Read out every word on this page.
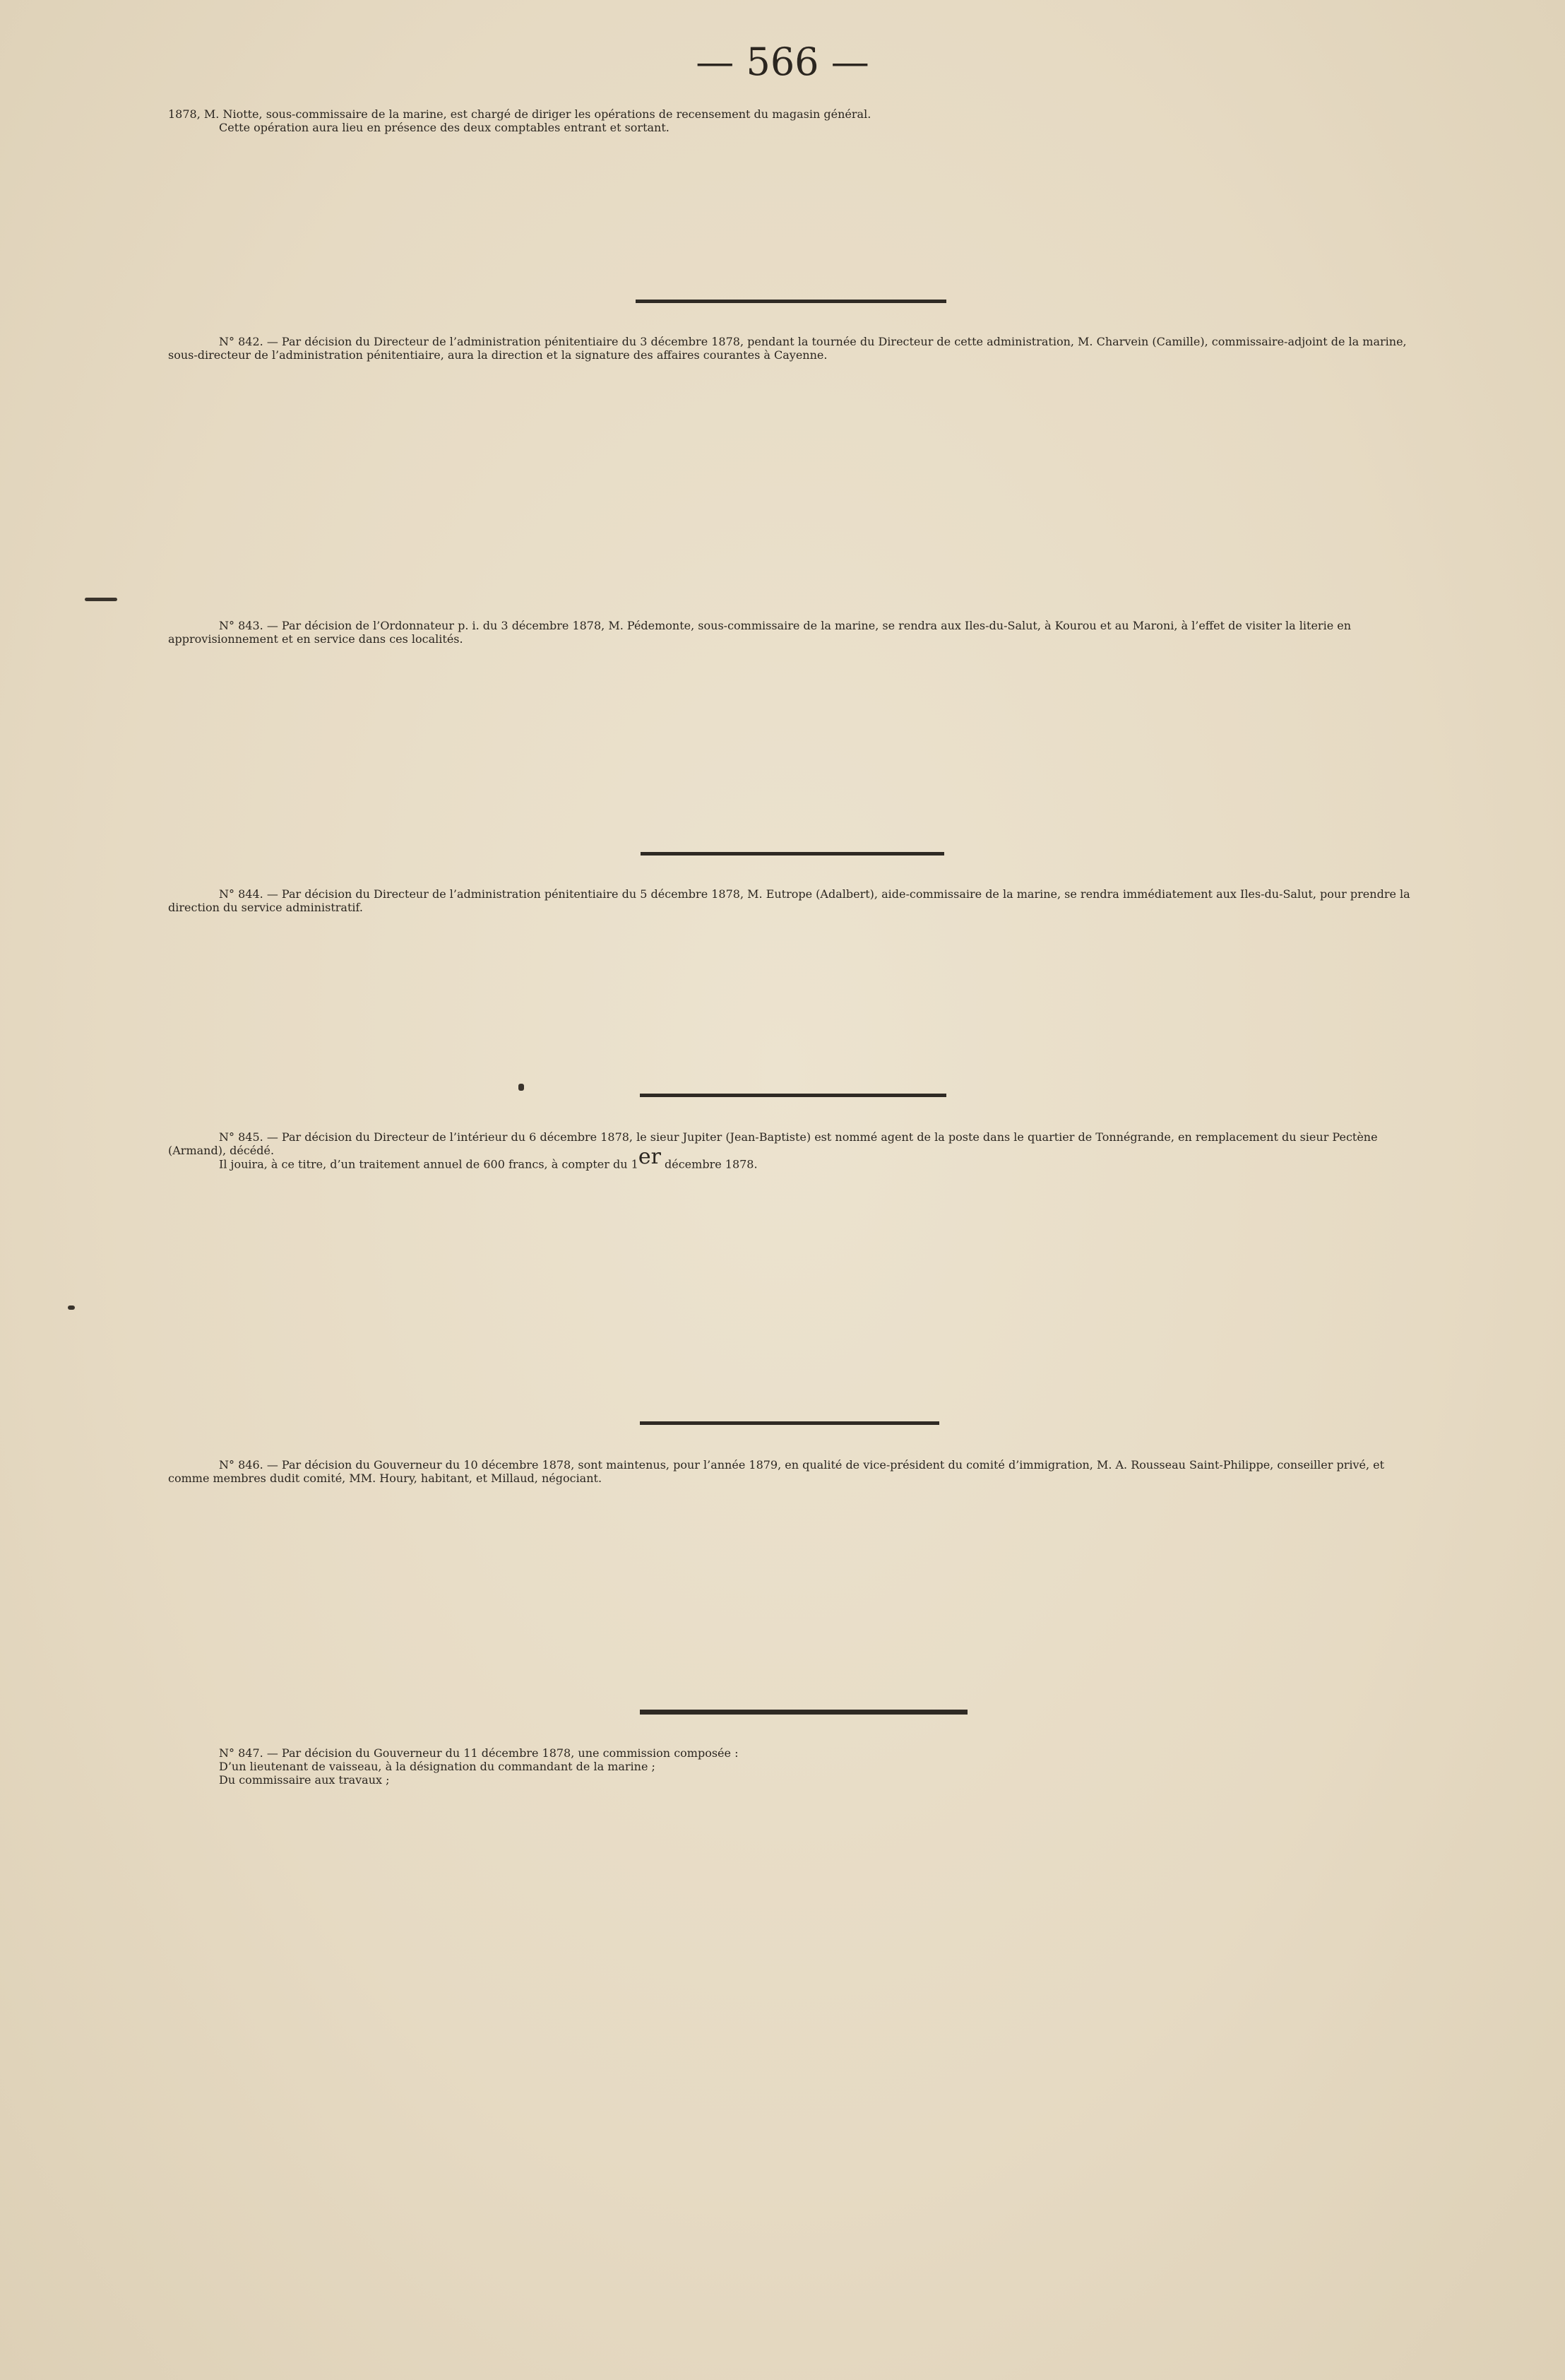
— 566 —

1878, M. Niotte, sous-commissaire de la marine, est chargé de diriger les opérations de recensement du magasin général.

Cette opération aura lieu en présence des deux comptables entrant et sortant.

N° 842. — Par décision du Directeur de l’administration pénitentiaire du 3 décembre 1878, pendant la tournée du Directeur de cette administration, M. Charvein (Camille), commissaire-adjoint de la marine, sous-directeur de l’administration pénitentiaire, aura la direction et la signature des affaires courantes à Cayenne.

N° 843. — Par décision de l’Ordonnateur p. i. du 3 décembre 1878, M. Pédemonte, sous-commissaire de la marine, se rendra aux Iles-du-Salut, à Kourou et au Maroni, à l’effet de visiter la literie en approvisionnement et en service dans ces localités.

N° 844. — Par décision du Directeur de l’administration pénitentiaire du 5 décembre 1878, M. Eutrope (Adalbert), aide-commissaire de la marine, se rendra immédiatement aux Iles-du-Salut, pour prendre la direction du service administratif.

N° 845. — Par décision du Directeur de l’intérieur du 6 décembre 1878, le sieur Jupiter (Jean-Baptiste) est nommé agent de la poste dans le quartier de Tonnégrande, en remplacement du sieur Pectène (Armand), décédé.

Il jouira, à ce titre, d’un traitement annuel de 600 francs, à compter du 1er décembre 1878.

N° 846. — Par décision du Gouverneur du 10 décembre 1878, sont maintenus, pour l’année 1879, en qualité de vice-président du comité d’immigration, M. A. Rousseau Saint-Philippe, conseiller privé, et comme membres dudit comité, MM. Houry, habitant, et Millaud, négociant.

N° 847. — Par décision du Gouverneur du 11 décembre 1878, une commission composée :

D’un lieutenant de vaisseau, à la désignation du commandant de la marine ;

Du commissaire aux travaux ;
